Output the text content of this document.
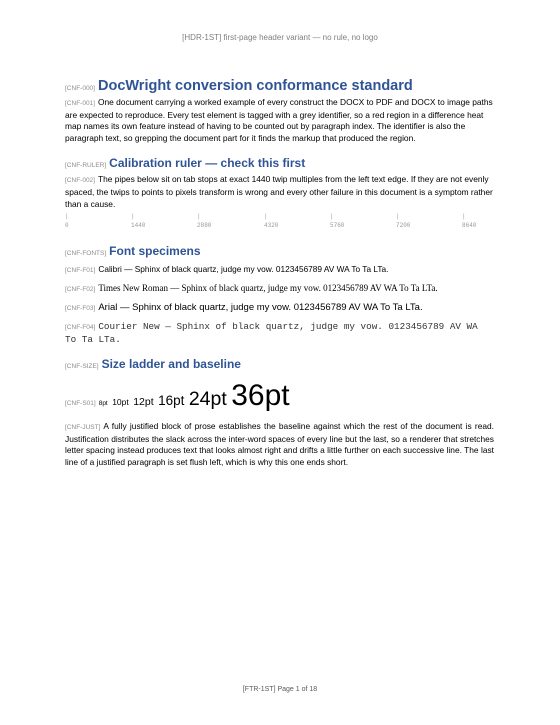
[HDR-1ST] first-page header variant — no rule, no logo

[CNF-000] DocWright conversion conformance standard

[CNF-001] One document carrying a worked example of every construct the DOCX to PDF and DOCX to image paths are expected to reproduce. Every test element is tagged with a grey identifier, so a red region in a difference heat map names its own feature instead of having to be counted out by paragraph index. The identifier is also the paragraph text, so grepping the document part for it finds the markup that produced the region.

[CNF-RULER] Calibration ruler — check this first

[CNF-002] The pipes below sit on tab stops at exact 1440 twip multiples from the left text edge. If they are not evenly spaced, the twips to points to pixels transform is wrong and every other failure in this document is a symptom rather than a cause.

|	|	|	|	|	|	|
0	1440	2880	4320	5760	7200	8640

[CNF-FONTS] Font specimens

[CNF-F01] Calibri — Sphinx of black quartz, judge my vow. 0123456789 AV WA To Ta LTa.

[CNF-F02] Times New Roman — Sphinx of black quartz, judge my vow. 0123456789 AV WA To Ta LTa.

[CNF-F03] Arial — Sphinx of black quartz, judge my vow. 0123456789 AV WA To Ta LTa.

[CNF-F04] Courier New — Sphinx of black quartz, judge my vow. 0123456789 AV WA To Ta LTa.

[CNF-SIZE] Size ladder and baseline

[CNF-S01] 8pt 10pt 12pt 16pt 24pt 36pt

[CNF-JUST] A fully justified block of prose establishes the baseline against which the rest of the document is read. Justification distributes the slack across the inter-word spaces of every line but the last, so a renderer that stretches letter spacing instead produces text that looks almost right and drifts a little further on each successive line. The last line of a justified paragraph is set flush left, which is why this one ends short.

[FTR-1ST] Page 1 of 18
